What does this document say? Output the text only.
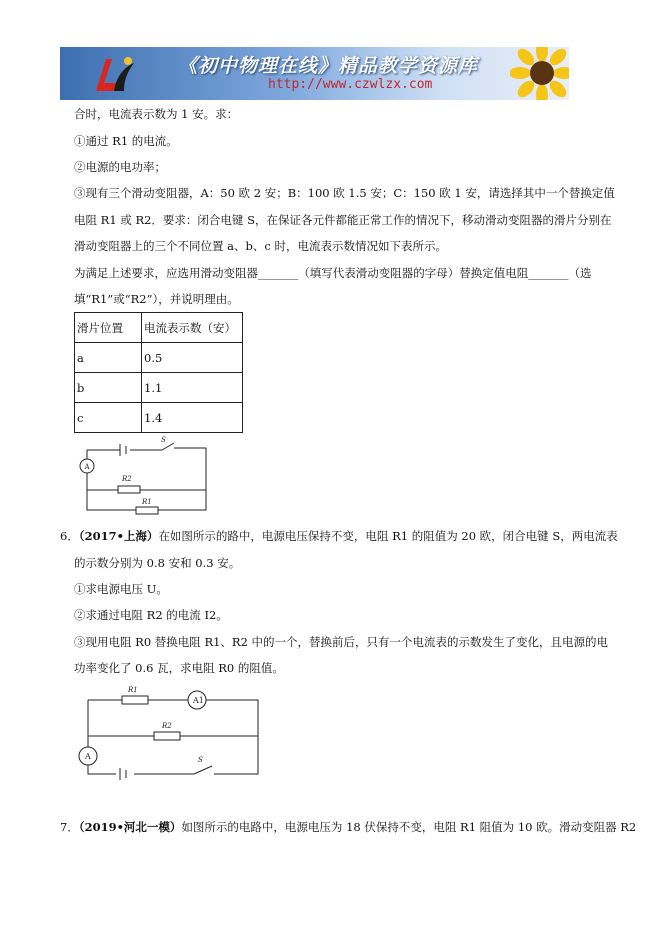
《初中物理在线》精品教学资源库
http://www.czwlzx.com
合时，电流表示数为 1 安。求：
①通过 R1 的电流。
②电源的电功率；
③现有三个滑动变阻器，A：50 欧 2 安；B：100 欧 1.5 安；C：150 欧 1 安，请选择其中一个替换定值
电阻 R1 或 R2．要求：闭合电键 S，在保证各元件都能正常工作的情况下，移动滑动变阻器的滑片分别在
滑动变阻器上的三个不同位置 a、b、c 时，电流表示数情况如下表所示。
为满足上述要求，应选用滑动变阻器_______（填写代表滑动变阻器的字母）替换定值电阻_______（选
填“R1”或“R2”），并说明理由。
滑片位置	电流表示数（安）
a	0.5
b	1.1
c	1.4
A
S
R2
R1
6．（2017•上海）在如图所示的路中，电源电压保持不变，电阻 R1 的阻值为 20 欧，闭合电键 S，两电流表
的示数分别为 0.8 安和 0.3 安。
①求电源电压 U。
②求通过电阻 R2 的电流 I2。
③现用电阻 R0 替换电阻 R1、R2 中的一个，替换前后，只有一个电流表的示数发生了变化，且电源的电
功率变化了 0.6 瓦，求电阻 R0 的阻值。
R1
A1
R2
A	S
7．（2019•河北一模）如图所示的电路中，电源电压为 18 伏保持不变，电阻 R1 阻值为 10 欧。滑动变阻器 R2
